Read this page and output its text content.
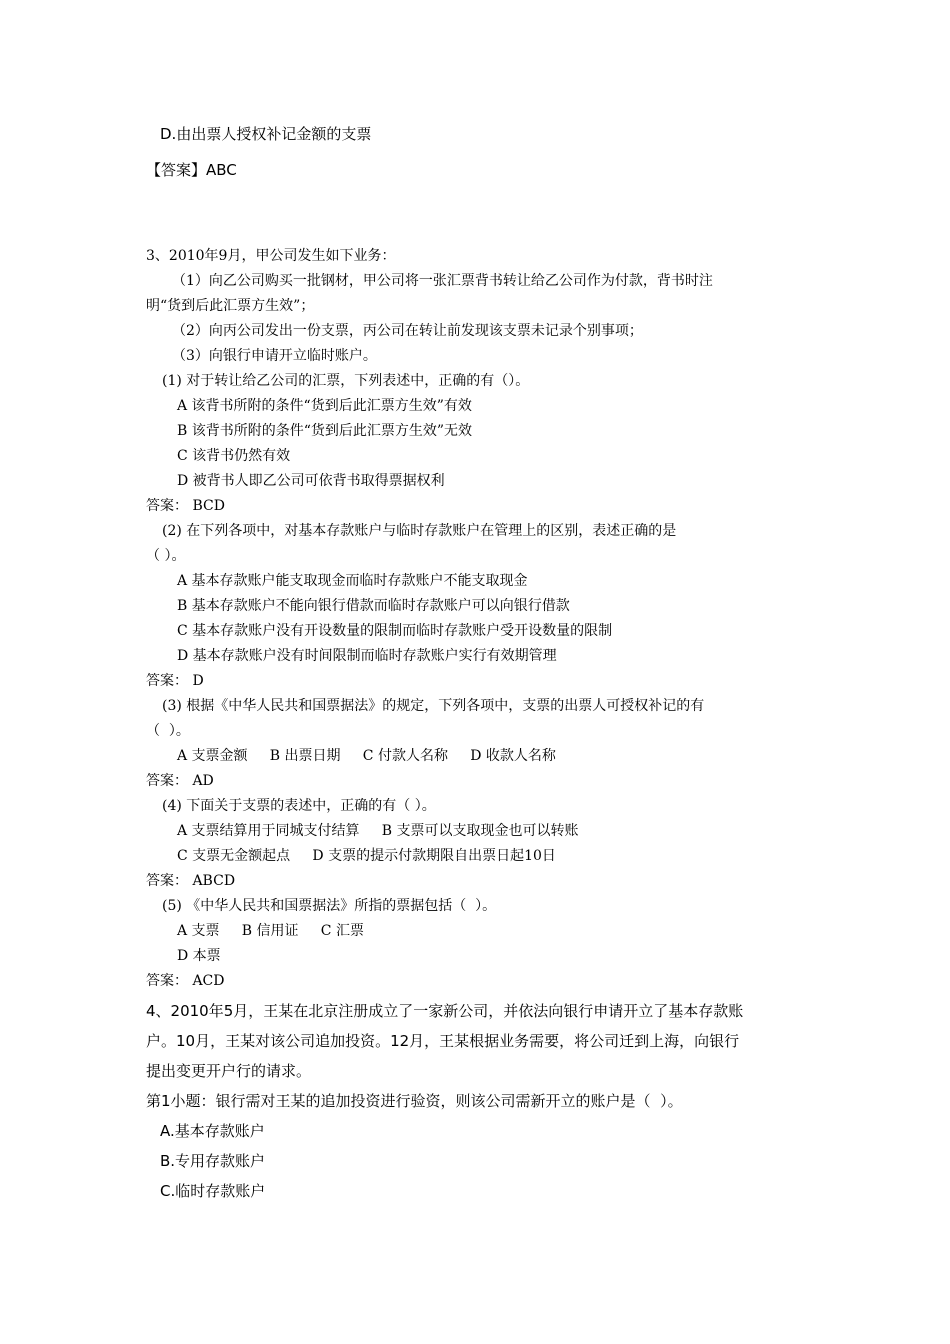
D.由出票人授权补记金额的支票
【答案】ABC
3、2010年9月，甲公司发生如下业务：
（1）向乙公司购买一批钢材，甲公司将一张汇票背书转让给乙公司作为付款，背书时注
明“货到后此汇票方生效”；
（2）向丙公司发出一份支票，丙公司在转让前发现该支票未记录个别事项；
（3）向银行申请开立临时账户。
(1) 对于转让给乙公司的汇票，下列表述中，正确的有（）。
A 该背书所附的条件“货到后此汇票方生效”有效
B 该背书所附的条件“货到后此汇票方生效”无效
C 该背书仍然有效
D 被背书人即乙公司可依背书取得票据权利
答案： BCD
(2) 在下列各项中，对基本存款账户与临时存款账户在管理上的区别，表述正确的是
（ ）。
A 基本存款账户能支取现金而临时存款账户不能支取现金
B 基本存款账户不能向银行借款而临时存款账户可以向银行借款
C 基本存款账户没有开设数量的限制而临时存款账户受开设数量的限制
D 基本存款账户没有时间限制而临时存款账户实行有效期管理
答案： D
(3) 根据《中华人民共和国票据法》的规定，下列各项中，支票的出票人可授权补记的有
（  ）。
A 支票金额     B 出票日期     C 付款人名称     D 收款人名称
答案： AD
(4) 下面关于支票的表述中，正确的有（ ）。
A 支票结算用于同城支付结算     B 支票可以支取现金也可以转账
C 支票无金额起点     D 支票的提示付款期限自出票日起10日
答案： ABCD
(5) 《中华人民共和国票据法》所指的票据包括（  ）。
A 支票     B 信用证     C 汇票
D 本票
答案： ACD
4、2010年5月，王某在北京注册成立了一家新公司，并依法向银行申请开立了基本存款账
户。10月，王某对该公司追加投资。12月，王某根据业务需要，将公司迁到上海，向银行
提出变更开户行的请求。
第1小题：银行需对王某的追加投资进行验资，则该公司需新开立的账户是（  ）。
A.基本存款账户
B.专用存款账户
C.临时存款账户
